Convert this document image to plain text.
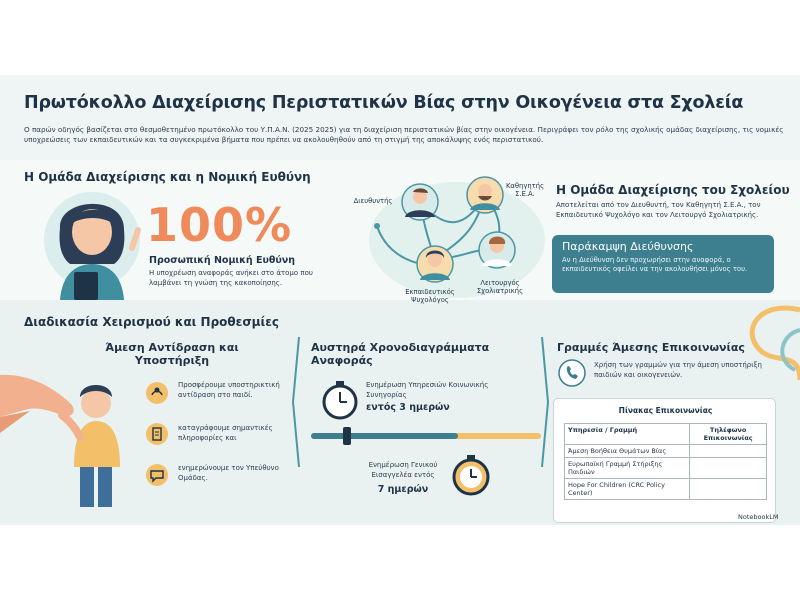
Πρωτόκολλο Διαχείρισης Περιστατικών Βίας στην Οικογένεια στα Σχολεία
Ο παρών οδηγός βασίζεται στο θεσμοθετημένο πρωτόκολλο του Υ.Π.Α.Ν. (2025 2025) για τη διαχείριση περιστατικών βίας στην οικογένεια. Περιγράφει τον ρόλο της σχολικής ομάδας διαχείρισης, τις νομικές υποχρεώσεις των εκπαιδευτικών και τα συγκεκριμένα βήματα που πρέπει να ακολουθηθούν από τη στιγμή της αποκάλυψης ενός περιστατικού.
Η Ομάδα Διαχείρισης και η Νομική Ευθύνη
100%
Προσωπική Νομική Ευθύνη
Η υποχρέωση αναφοράς ανήκει στο άτομο που λαμβάνει τη γνώση της κακοποίησης.
Διευθυντής
Καθηγητής Σ.Ε.Α.
Εκπαιδευτικός Ψυχολόγος
Λειτουργός Σχολιατρικής
Η Ομάδα Διαχείρισης του Σχολείου
Αποτελείται από τον Διευθυντή, τον Καθηγητή Σ.Ε.Α., τον Εκπαιδευτικό Ψυχολόγο και τον Λειτουργό Σχολιατρικής.
Παράκαμψη Διεύθυνσης
Αν η Διεύθυνση δεν προχωρήσει στην αναφορά, ο εκπαιδευτικός οφείλει να την ακολουθήσει μόνος του.
Διαδικασία Χειρισμού και Προθεσμίες
Άμεση Αντίδραση και Υποστήριξη
Προσφέρουμε υποστηρικτική αντίδραση στο παιδί.
καταγράφουμε σημαντικές πληροφορίες και
ενημερώνουμε τον Υπεύθυνο Ομάδας.
Αυστηρά Χρονοδιαγράμματα Αναφοράς
Ενημέρωση Υπηρεσιών Κοινωνικής Συνηγορίας
εντός 3 ημερών
Ενημέρωση Γενικού Εισαγγελέα εντός
7 ημερών
Γραμμές Άμεσης Επικοινωνίας
Χρήση των γραμμών για την άμεση υποστήριξη παιδιών και οικογενειών.
Πίνακας Επικοινωνίας
Υπηρεσία / Γραμμή	Τηλέφωνο Επικοινωνίας
Άμεση Βοήθεια Θυμάτων Βίας	
Ευρωπαϊκή Γραμμή Στήριξης Παιδιών	
Hope For Children (CRC Policy Center)	
NotebookLM
